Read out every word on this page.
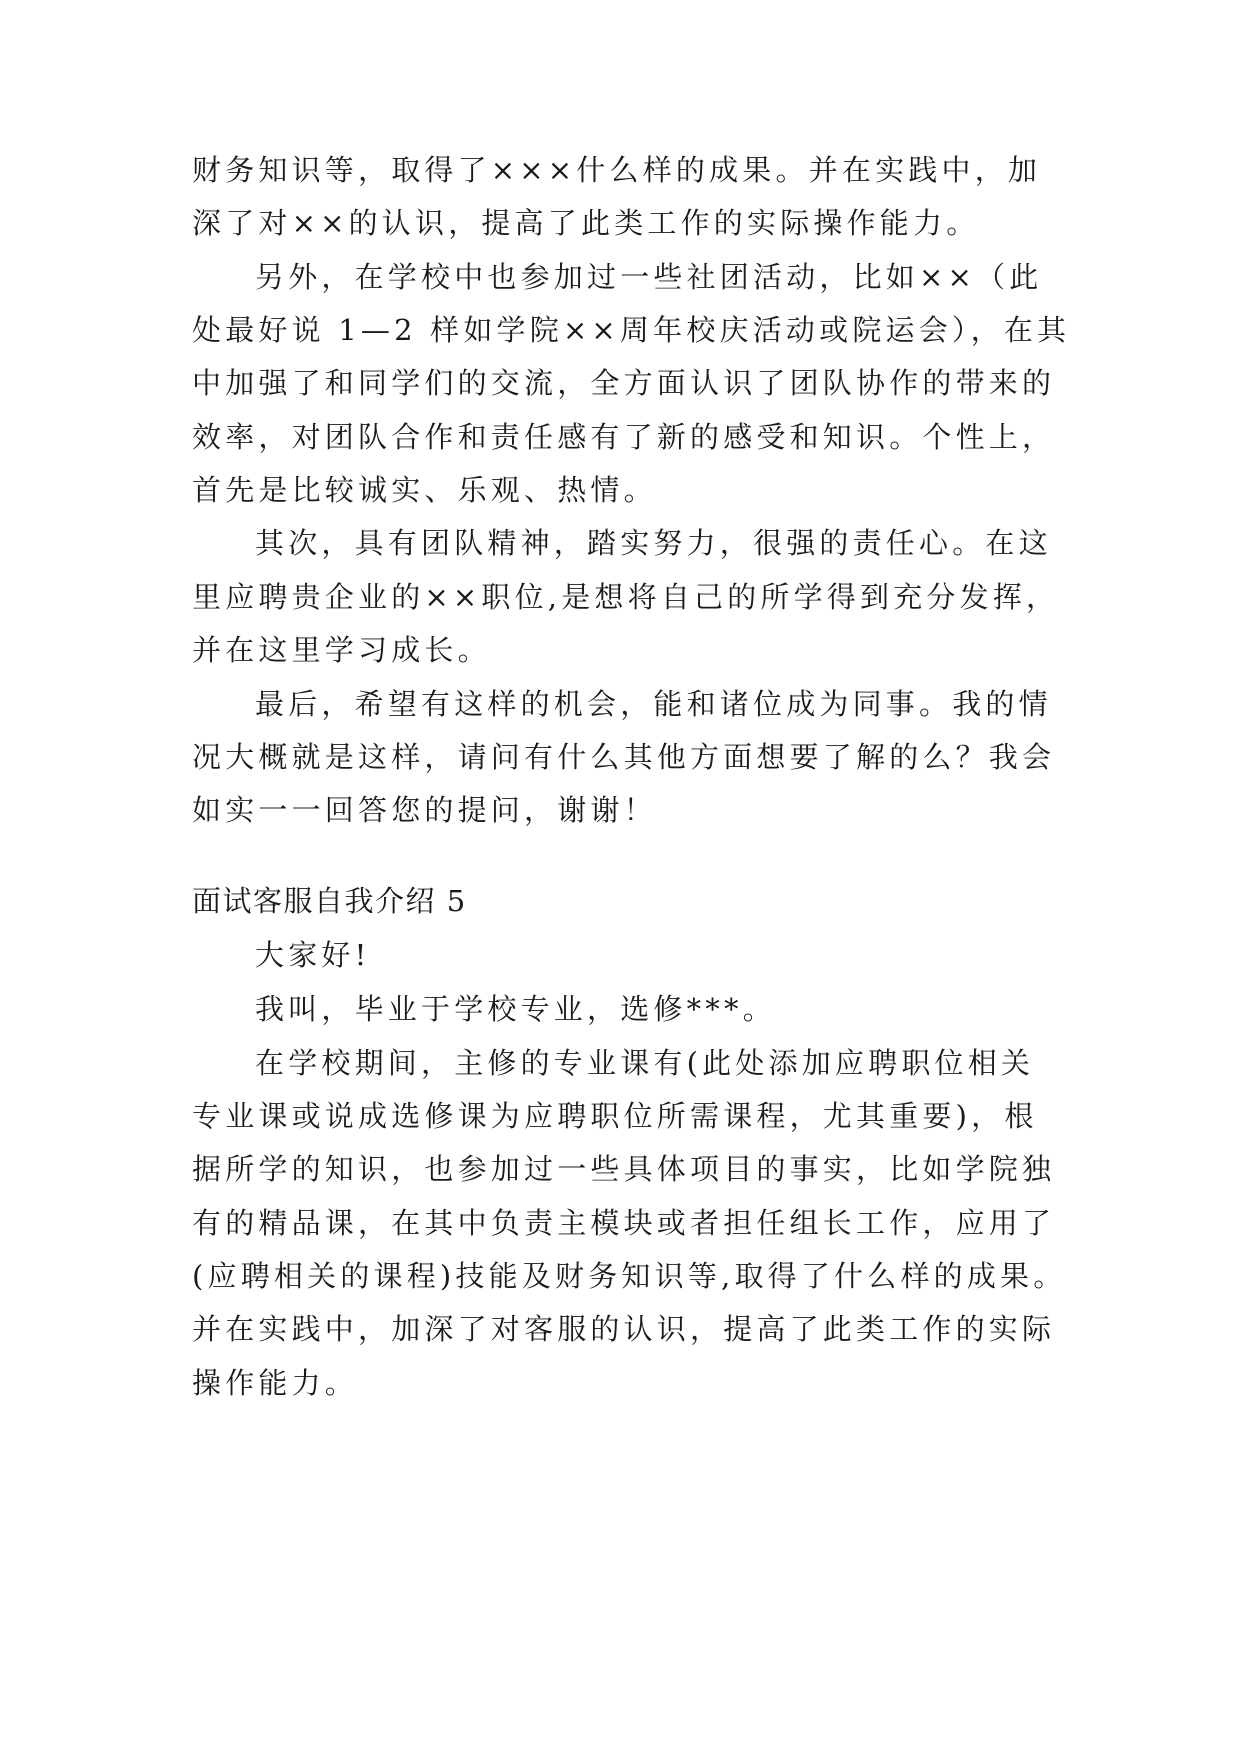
财务知识等，取得了×××什么样的成果。并在实践中，加
深了对××的认识，提高了此类工作的实际操作能力。
另外，在学校中也参加过一些社团活动，比如××（此
处最好说 1—2 样如学院××周年校庆活动或院运会），在其
中加强了和同学们的交流，全方面认识了团队协作的带来的
效率，对团队合作和责任感有了新的感受和知识。个性上，
首先是比较诚实、乐观、热情。
其次，具有团队精神，踏实努力，很强的责任心。在这
里应聘贵企业的××职位,是想将自己的所学得到充分发挥，
并在这里学习成长。
最后，希望有这样的机会，能和诸位成为同事。我的情
况大概就是这样，请问有什么其他方面想要了解的么？我会
如实一一回答您的提问，谢谢！
面试客服自我介绍 5
大家好!
我叫，毕业于学校专业，选修***。
在学校期间，主修的专业课有(此处添加应聘职位相关
专业课或说成选修课为应聘职位所需课程，尤其重要)，根
据所学的知识，也参加过一些具体项目的事实，比如学院独
有的精品课，在其中负责主模块或者担任组长工作，应用了
(应聘相关的课程)技能及财务知识等,取得了什么样的成果。
并在实践中，加深了对客服的认识，提高了此类工作的实际
操作能力。
